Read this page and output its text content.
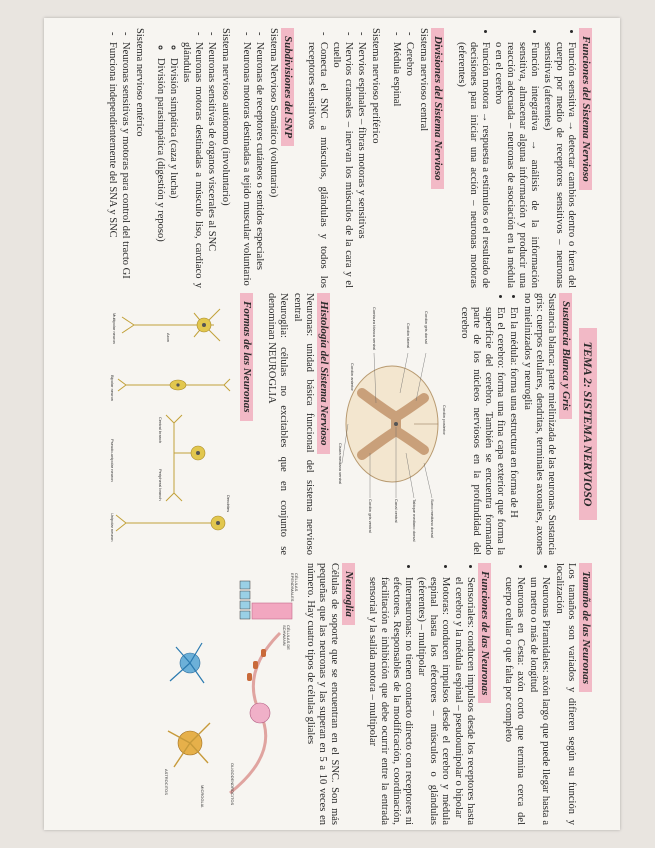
Funciones del Sistema Nervioso
• Función sensitiva → detectar cambios dentro o fuera del cuerpo por medio de receptores sensitivos – neuronas sensitivas (aferentes)
• Función integrativa → análisis de la información sensitiva, almacenar alguna información y producir una reacción adecuada – neuronas de asociación en la médula o en el cerebro
• Función motora → respuesta a estímulos o el resultado de decisiones para iniciar una acción – neuronas motoras (eferentes)
Divisiones del Sistema Nervioso

Sistema nervioso central

- Cerebro
- Médula espinal

Sistema nervioso periférico

- Nervios espinales – fibras motoras y sensitivas
- Nervios craneales – inervan los músculos de la cara y el cuello
- Conecta el SNC a músculos, glándulas y todos los receptores sensitivos
Subdivisiones del SNP

Sistema Nervioso Somático (voluntario)

- Neuronas de receptores cutáneos o sentidos especiales
- Neuronas motoras destinadas a tejido muscular voluntario

Sistema nervioso autónomo (involuntario)

- Neuronas sensitivas de órganos viscerales al SNC
- Neuronas motoras destinadas a músculo liso, cardíaco y glándulas
◦ División simpática (caza y lucha)
◦ División parasimpática (digestión y reposo)

Sistema nervioso entérico

- Neuronas sensitivas y motoras para control del tracto GI
- Funciona independientemente del SNA y SNC
TEMA 2: SISTEMA NERVIOSO
Sustancia Blanca y Gris

Sustancia blanca: parte mielinizada de las neuronas. Sustancia gris: cuerpos celulares, dendritas, terminales axonales, axones no mielinizados y neuroglia

• En la médula: forma una estructura en forma de H
• En el cerebro: forma una fina capa exterior que forma la superficie del cerebro. También se encuentra formando parte de los núcleos nerviosos en la profundidad del cerebro
Cordón posterior
Surco mediano dorsal
Cordón gris dorsal
Tabique mediano dorsal
Canal central
Cordón lateral
Comisura blanca ventral
Cordón gris ventral
Cordón anterior
Cisura mediana ventral
Histología del Sistema Nervioso

Neuronas: unidad básica funcional del sistema nervioso central

Neuroglia: células no excitables que en conjunto se denominan NEUROGLIA

Formas de las Neuronas
Multipolar neuron
Bipolar neuron
Pseudo-unipolar neuron
Unipolar neuron
Axon
Dendrites
Peripheral branch
Central branch
Tamaño de las Neuronas

Los tamaños son variados y difieren según su función y localización

• Neuronas Piramidales: axón largo que puede llegar hasta a un metro o más de longitud
• Neuronas en Cesta: axón corto que termina cerca del cuerpo celular o que falta por completo
Funciones de las Neuronas
• Sensoriales: conducen impulsos desde los receptores hasta el cerebro y la médula espinal – pseudounipolar o bipolar
• Motoras: conducen impulsos desde el cerebro y médula espinal hasta los efectores – músculos o glándulas (eferentes) – multipolar
• Interneuronas: no tienen contacto directo con receptores ni efectores. Responsables de la modificación, coordinación, facilitación e inhibición que debe ocurrir entre la entrada sensorial y la salida motora – multipolar
Neuroglia

Células de soporte que se encuentran en el SNC. Son más pequeñas que las neuronas y las superan en 5 a 10 veces en número. Hay cuatro tipos de células gliales

CÉLULAS EPENDIMALES
CÉLULAS DE SCHWANN
OLIGODENDROCITOS
MICROGLIA
ASTROCITOS
